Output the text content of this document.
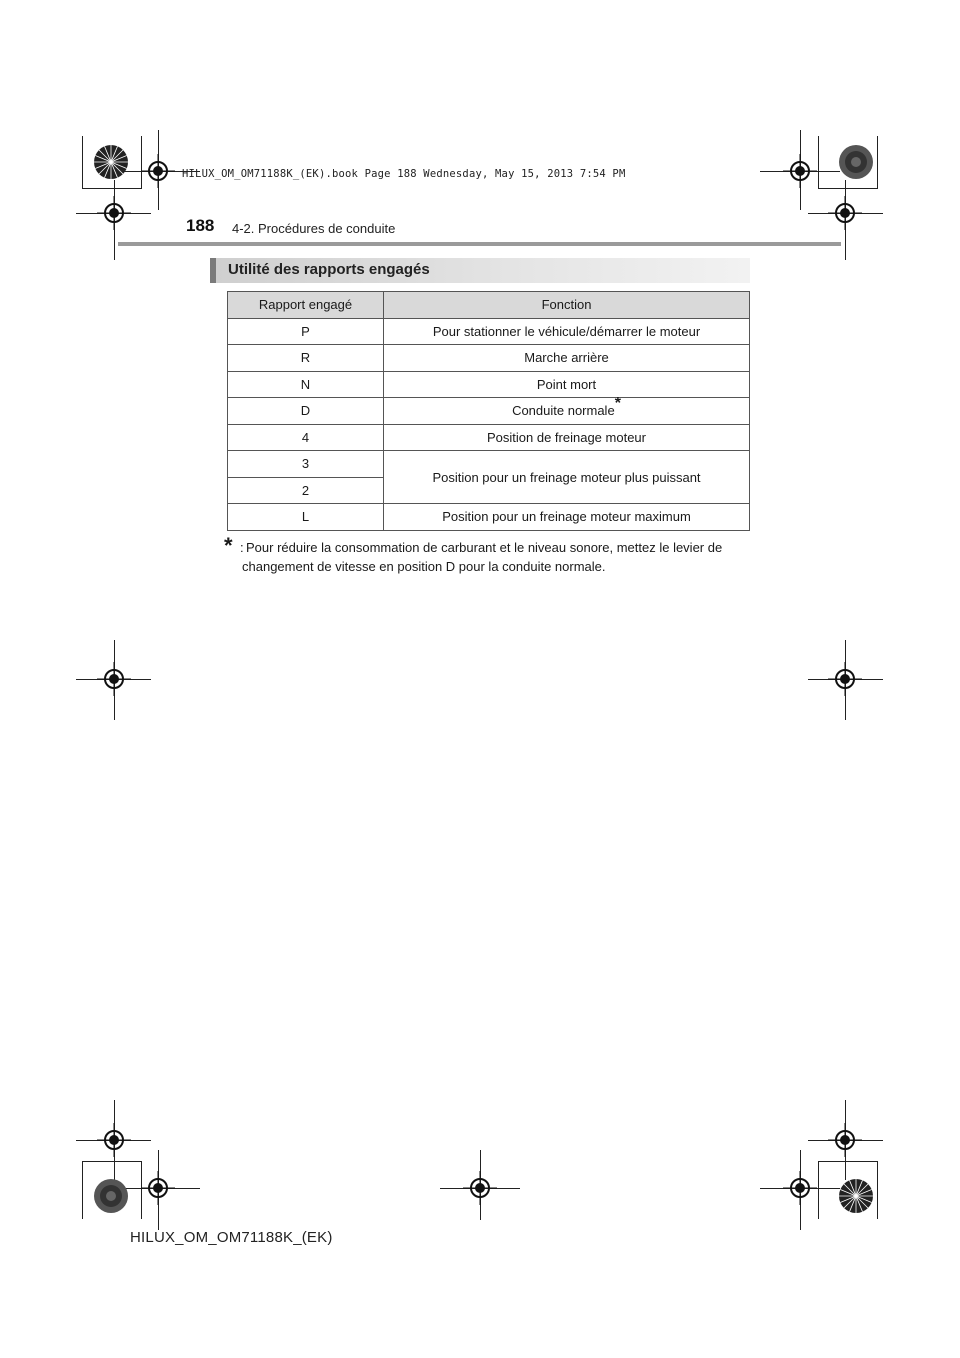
HILUX_OM_OM71188K_(EK).book Page 188 Wednesday, May 15, 2013 7:54 PM
188 4-2. Procédures de conduite
Utilité des rapports engagés
Rapport engagé	Fonction
P	Pour stationner le véhicule/démarrer le moteur
R	Marche arrière
N	Point mort
D	Conduite normale*
4	Position de freinage moteur
3	Position pour un freinage moteur plus puissant
2	
L	Position pour un freinage moteur maximum
* : Pour réduire la consommation de carburant et le niveau sonore, mettez le levier de changement de vitesse en position D pour la conduite normale.
HILUX_OM_OM71188K_(EK)
